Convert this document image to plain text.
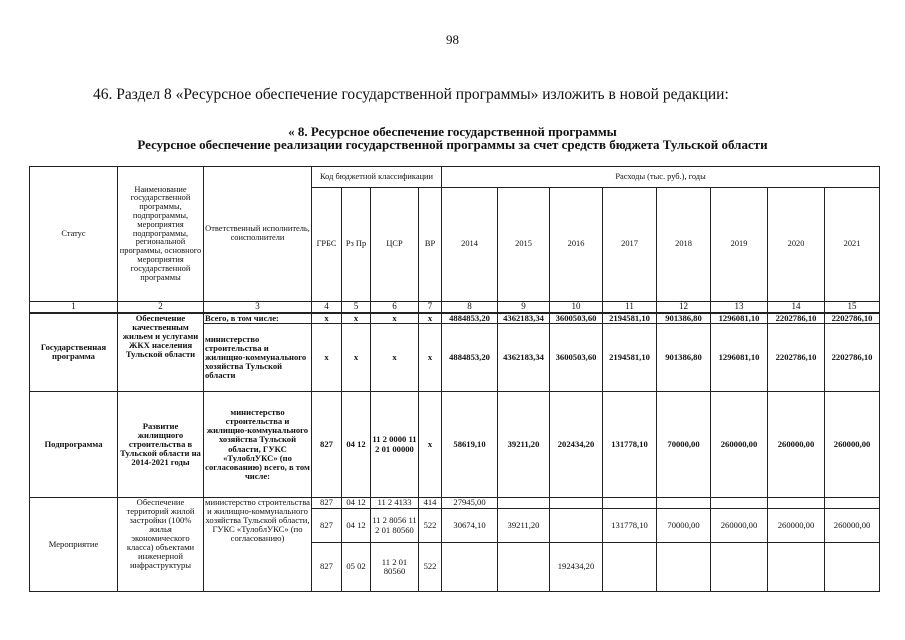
98
46. Раздел 8 «Ресурсное обеспечение государственной программы» изложить в новой редакции:
« 8. Ресурсное обеспечение государственной программы
Ресурсное обеспечение реализации государственной программы за счет средств бюджета Тульской области
Статус	Наименование государственной программы, подпрограммы, мероприятия подпрограммы, региональной программы, основного мероприятия государственной программы	Ответственный исполнитель, соисполнители	Код бюджетной классификации				Расходы (тыс. руб.), годы							
			ГРБС	Рз Пр	ЦСР	ВР	2014	2015	2016	2017	2018	2019	2020	2021
1	2	3	4	5	6	7	8	9	10	11	12	13	14	15
Государственная программа	Обеспечение качественным жильем и услугами ЖКХ населения Тульской области	Всего, в том числе:	x	x	x	x	4884853,20	4362183,34	3600503,60	2194581,10	901386,80	1296081,10	2202786,10	2202786,10
		министерство строительства и жилищно-коммунального хозяйства Тульской области	x	x	x	x	4884853,20	4362183,34	3600503,60	2194581,10	901386,80	1296081,10	2202786,10	2202786,10
Подпрограмма	Развитие жилищного строительства в Тульской области на 2014-2021 годы	министерство строительства и жилищно-коммунального хозяйства Тульской области, ГУКС «ТулоблУКС» (по согласованию) всего, в том числе:	827	04 12	11 2 0000 11 2 01 00000	x	58619,10	39211,20	202434,20	131778,10	70000,00	260000,00	260000,00	260000,00
Мероприятие	Обеспечение территорий жилой застройки (100% жилья экономического класса) объектами инженерной инфраструктуры	министерство строительства и жилищно-коммунального хозяйства Тульской области, ГУКС «ТулоблУКС» (по согласованию)	827	04 12	11 2 4133	414	27945,00							
			827	04 12	11 2 8056 11 2 01 80560	522	30674,10	39211,20		131778,10	70000,00	260000,00	260000,00	260000,00
			827	05 02	11 2 01 80560	522			192434,20					
